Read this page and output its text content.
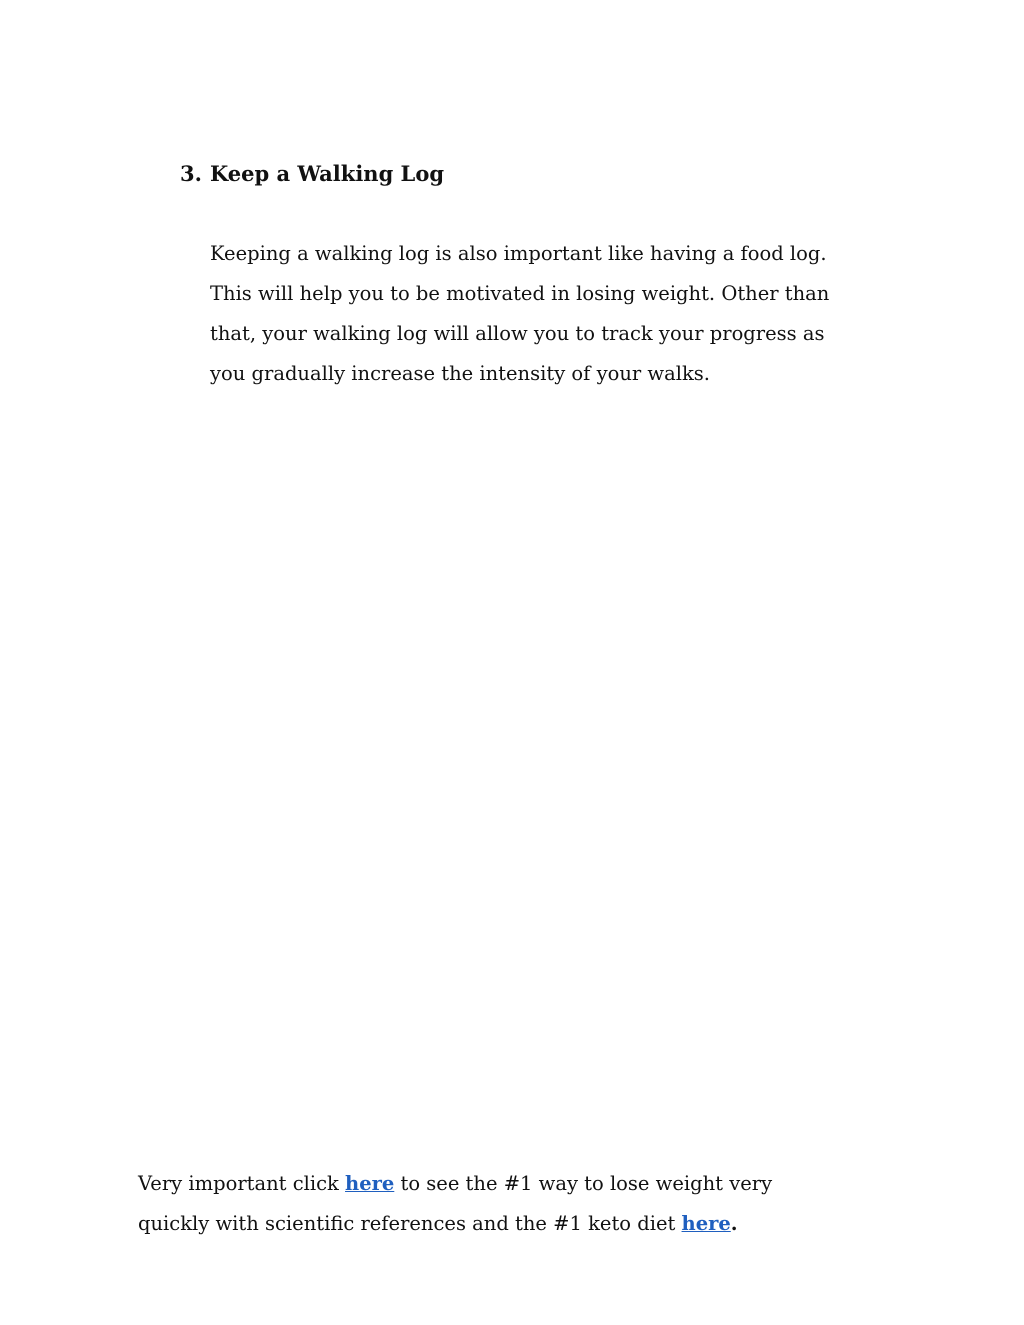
3. Keep a Walking Log

Keeping a walking log is also important like having a food log.
This will help you to be motivated in losing weight. Other than
that, your walking log will allow you to track your progress as
you gradually increase the intensity of your walks.

Very important click here to see the #1 way to lose weight very
quickly with scientific references and the #1 keto diet here.
